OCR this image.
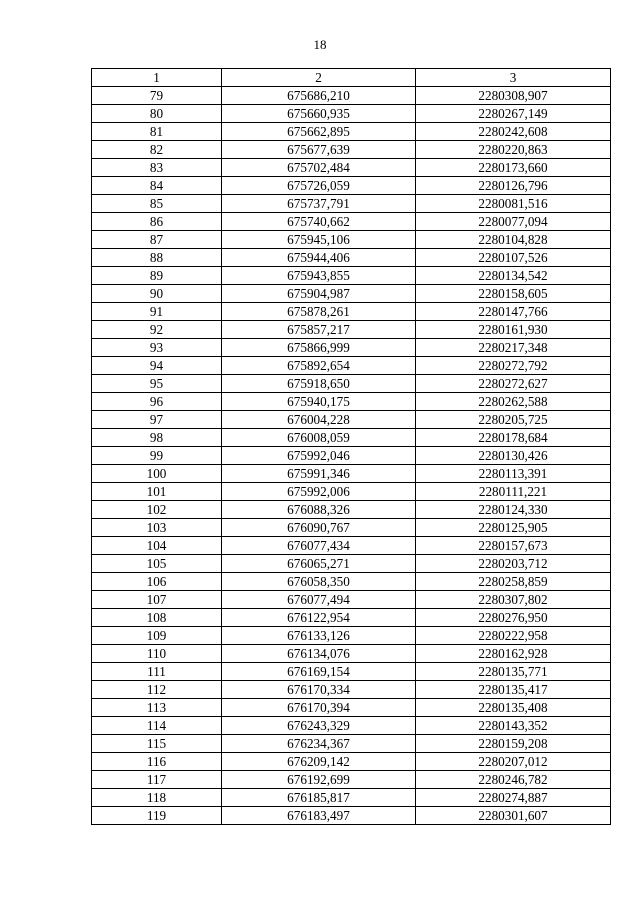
18
1	2	3
79	675686,210	2280308,907
80	675660,935	2280267,149
81	675662,895	2280242,608
82	675677,639	2280220,863
83	675702,484	2280173,660
84	675726,059	2280126,796
85	675737,791	2280081,516
86	675740,662	2280077,094
87	675945,106	2280104,828
88	675944,406	2280107,526
89	675943,855	2280134,542
90	675904,987	2280158,605
91	675878,261	2280147,766
92	675857,217	2280161,930
93	675866,999	2280217,348
94	675892,654	2280272,792
95	675918,650	2280272,627
96	675940,175	2280262,588
97	676004,228	2280205,725
98	676008,059	2280178,684
99	675992,046	2280130,426
100	675991,346	2280113,391
101	675992,006	2280111,221
102	676088,326	2280124,330
103	676090,767	2280125,905
104	676077,434	2280157,673
105	676065,271	2280203,712
106	676058,350	2280258,859
107	676077,494	2280307,802
108	676122,954	2280276,950
109	676133,126	2280222,958
110	676134,076	2280162,928
111	676169,154	2280135,771
112	676170,334	2280135,417
113	676170,394	2280135,408
114	676243,329	2280143,352
115	676234,367	2280159,208
116	676209,142	2280207,012
117	676192,699	2280246,782
118	676185,817	2280274,887
119	676183,497	2280301,607
